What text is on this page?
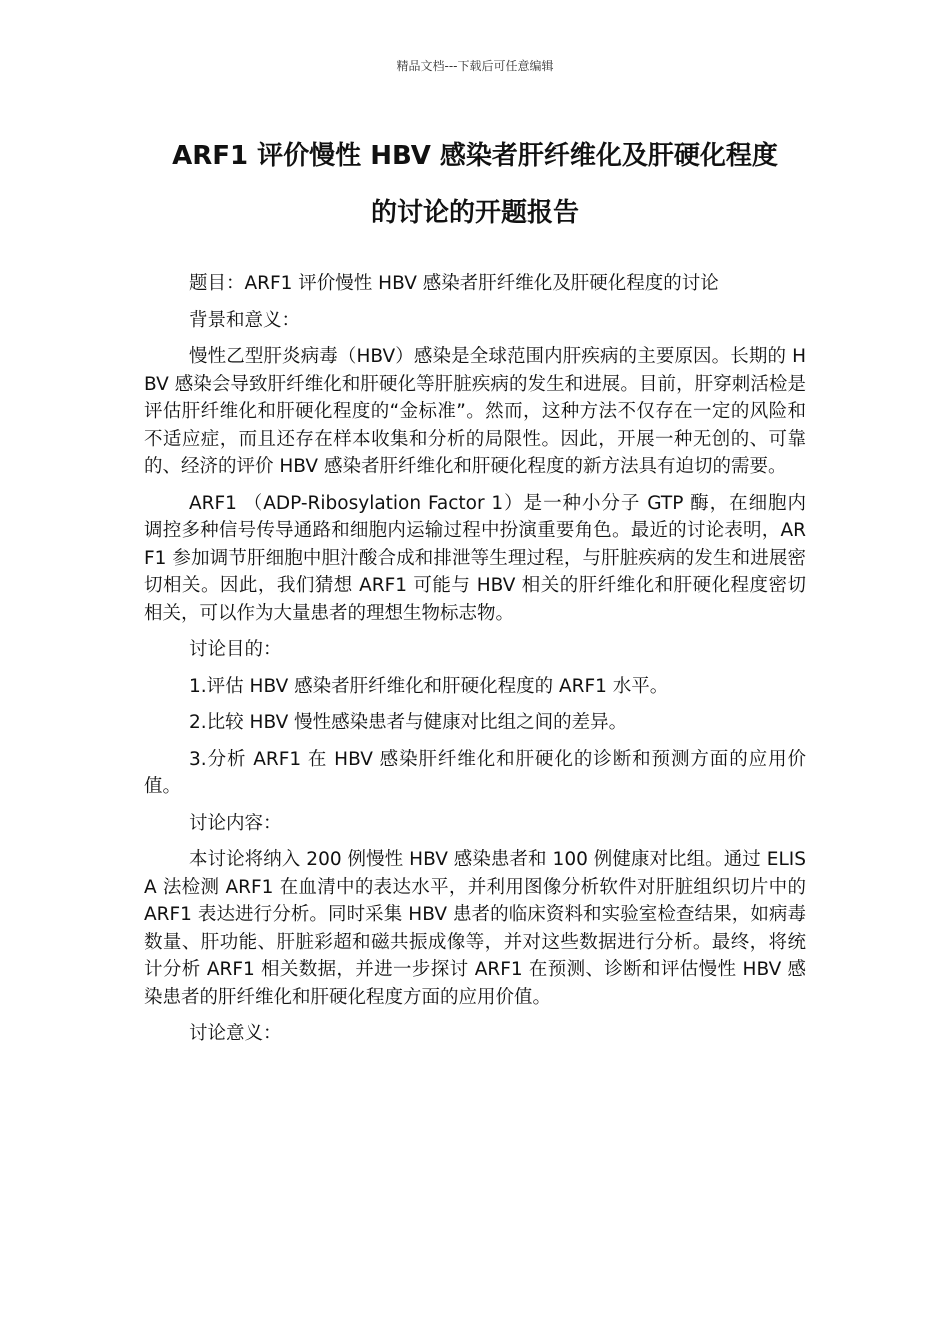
精品文档---下载后可任意编辑
ARF1 评价慢性 HBV 感染者肝纤维化及肝硬化程度
的讨论的开题报告

题目：ARF1 评价慢性 HBV 感染者肝纤维化及肝硬化程度的讨论

背景和意义：

慢性乙型肝炎病毒（HBV）感染是全球范围内肝疾病的主要原因。长期的 HBV 感染会导致肝纤维化和肝硬化等肝脏疾病的发生和进展。目前，肝穿刺活检是评估肝纤维化和肝硬化程度的“金标准”。然而，这种方法不仅存在一定的风险和不适应症，而且还存在样本收集和分析的局限性。因此，开展一种无创的、可靠的、经济的评价 HBV 感染者肝纤维化和肝硬化程度的新方法具有迫切的需要。

ARF1 （ADP-Ribosylation Factor 1）是一种小分子 GTP 酶，在细胞内调控多种信号传导通路和细胞内运输过程中扮演重要角色。最近的讨论表明，ARF1 参加调节肝细胞中胆汁酸合成和排泄等生理过程，与肝脏疾病的发生和进展密切相关。因此，我们猜想 ARF1 可能与 HBV 相关的肝纤维化和肝硬化程度密切相关，可以作为大量患者的理想生物标志物。

讨论目的：

1.评估 HBV 感染者肝纤维化和肝硬化程度的 ARF1 水平。

2.比较 HBV 慢性感染患者与健康对比组之间的差异。

3.分析 ARF1 在 HBV 感染肝纤维化和肝硬化的诊断和预测方面的应用价值。

讨论内容：

本讨论将纳入 200 例慢性 HBV 感染患者和 100 例健康对比组。通过 ELISA 法检测 ARF1 在血清中的表达水平，并利用图像分析软件对肝脏组织切片中的 ARF1 表达进行分析。同时采集 HBV 患者的临床资料和实验室检查结果，如病毒数量、肝功能、肝脏彩超和磁共振成像等，并对这些数据进行分析。最终，将统计分析 ARF1 相关数据，并进一步探讨 ARF1 在预测、诊断和评估慢性 HBV 感染患者的肝纤维化和肝硬化程度方面的应用价值。

讨论意义：
